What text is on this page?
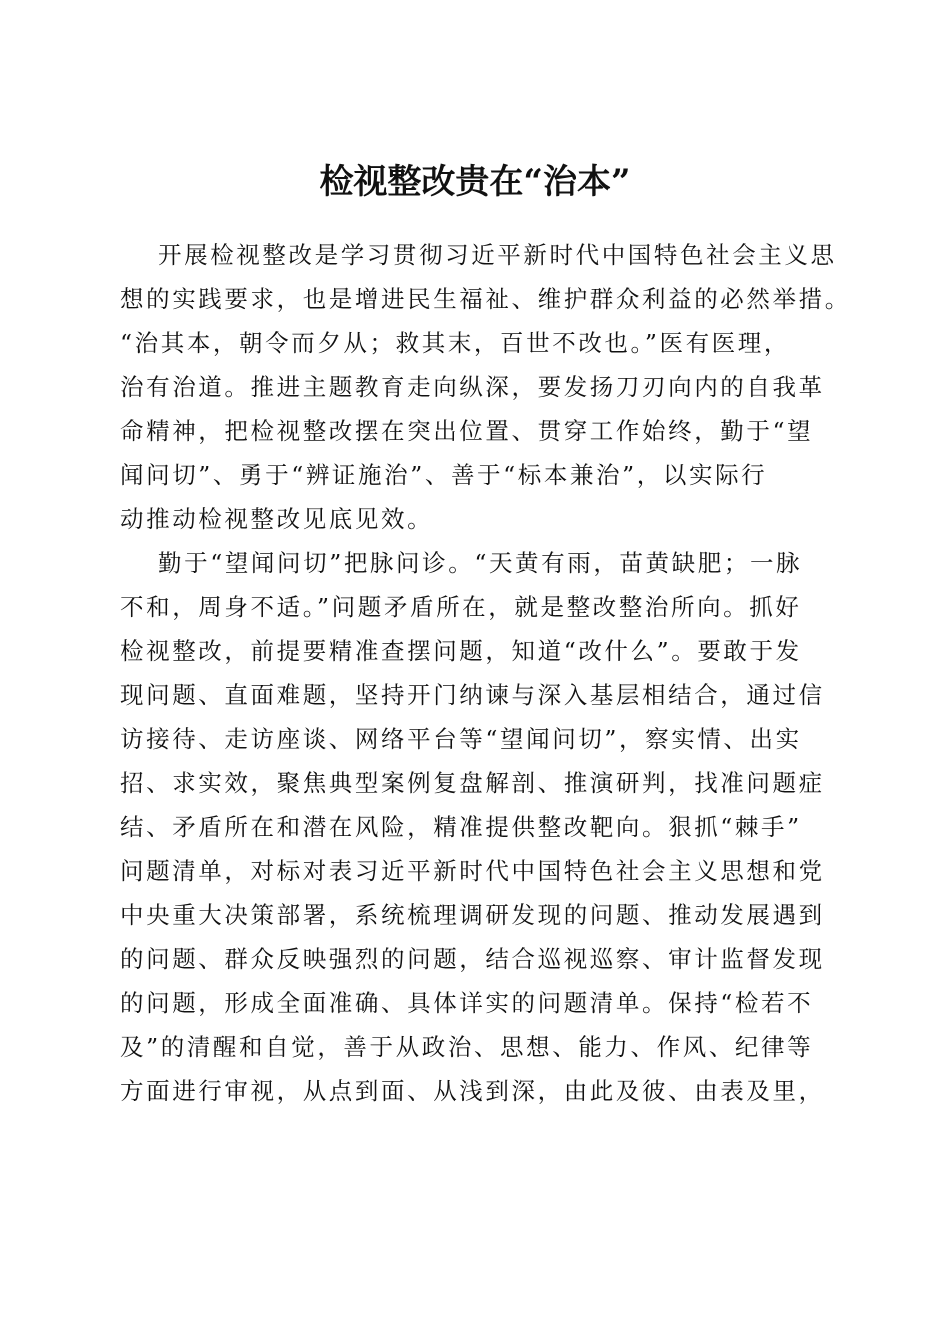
检视整改贵在“治本”

开展检视整改是学习贯彻习近平新时代中国特色社会主义思
想的实践要求，也是增进民生福祉、维护群众利益的必然举措。
“治其本，朝令而夕从；救其末，百世不改也。”医有医理，
治有治道。推进主题教育走向纵深，要发扬刀刃向内的自我革
命精神，把检视整改摆在突出位置、贯穿工作始终，勤于“望
闻问切”、勇于“辨证施治”、善于“标本兼治”，以实际行
动推动检视整改见底见效。

勤于“望闻问切”把脉问诊。“天黄有雨，苗黄缺肥；一脉
不和，周身不适。”问题矛盾所在，就是整改整治所向。抓好
检视整改，前提要精准查摆问题，知道“改什么”。要敢于发
现问题、直面难题，坚持开门纳谏与深入基层相结合，通过信
访接待、走访座谈、网络平台等“望闻问切”，察实情、出实
招、求实效，聚焦典型案例复盘解剖、推演研判，找准问题症
结、矛盾所在和潜在风险，精准提供整改靶向。狠抓“棘手”
问题清单，对标对表习近平新时代中国特色社会主义思想和党
中央重大决策部署，系统梳理调研发现的问题、推动发展遇到
的问题、群众反映强烈的问题，结合巡视巡察、审计监督发现
的问题，形成全面准确、具体详实的问题清单。保持“检若不
及”的清醒和自觉，善于从政治、思想、能力、作风、纪律等
方面进行审视，从点到面、从浅到深，由此及彼、由表及里，
